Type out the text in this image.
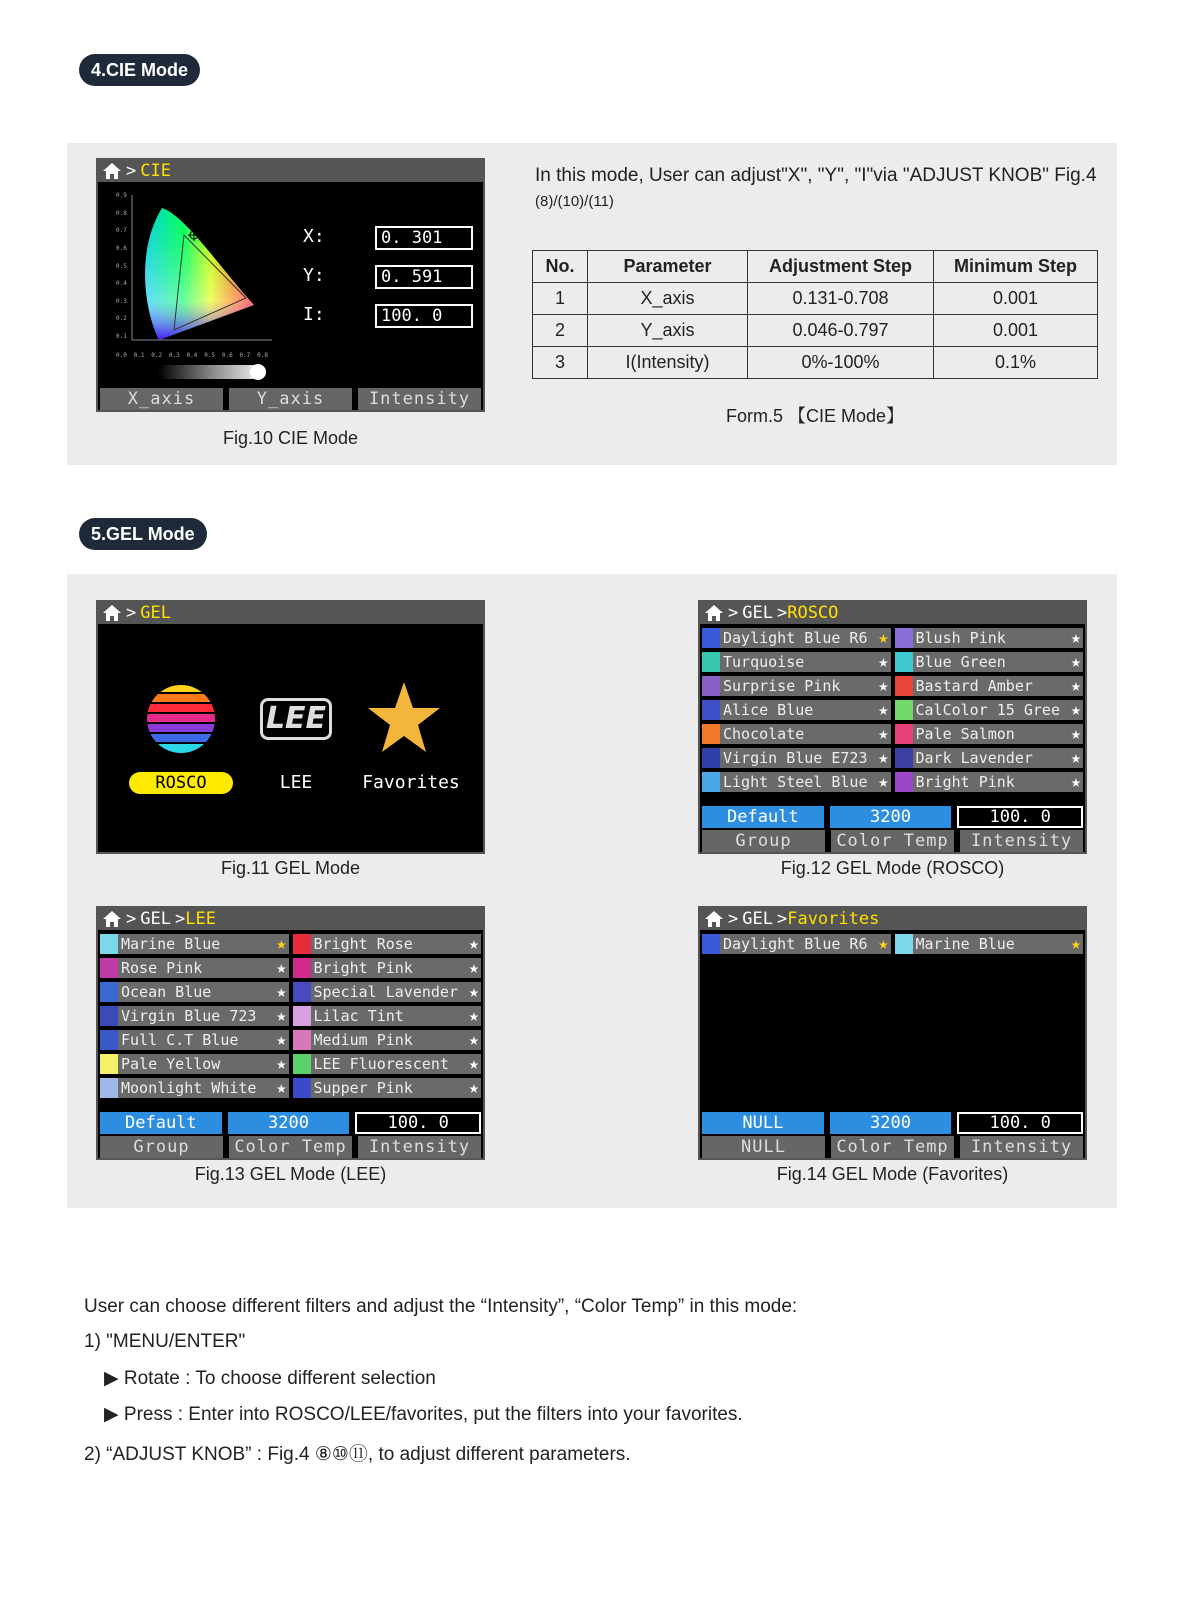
4.CIE Mode
5.GEL Mode
> CIE
0.9
0.8
0.7
0.6
0.5
0.4
0.3
0.2
0.1
0.0 0.1 0.2 0.3 0.4 0.5 0.6 0.7 0.8
X:	0. 301
Y:	0. 591
I:	100. 0
X_axis	Y_axis	Intensity
Fig.10 CIE Mode
In this mode, User can adjust"X", "Y", "I"via "ADJUST KNOB" Fig.4
(8)/(10)/(11)
No.	Parameter	Adjustment Step	Minimum Step
1	X_axis	0.131-0.708	0.001
2	Y_axis	0.046-0.797	0.001
3	I(Intensity)	0%-100%	0.1%
Form.5 【CIE Mode】
> GEL
ROSCO
LEE
LEE	Favorites
Fig.11 GEL Mode
> GEL > ROSCO
Daylight Blue R6 ★ Blush Pink	★
Turquoise	★ Blue Green	★
Surprise Pink ★ Bastard Amber ★
Alice Blue	★ CalColor 15 Gree ★
Chocolate	★ Pale Salmon	★
Virgin Blue E723 ★ Dark Lavender ★
Light Steel Blue ★ Bright Pink	★
Default	3200	100. 0
Group	Color Temp	Intensity
Fig.12 GEL Mode (ROSCO)
> GEL > LEE
Marine Blue	★ Bright Rose	★
Rose Pink	★ Bright Pink	★
Ocean Blue	★ Special Lavender ★
Virgin Blue 723 ★ Lilac Tint	★
Full C.T Blue ★ Medium Pink	★
Pale Yellow	★ LEE Fluorescent ★
Moonlight White ★ Supper Pink	★
Default	3200	100. 0
Group	Color Temp	Intensity
Fig.13 GEL Mode (LEE)
> GEL > Favorites
Daylight Blue R6 ★ Marine Blue	★
NULL	3200	100. 0
NULL	Color Temp	Intensity
Fig.14 GEL Mode (Favorites)
User can choose different filters and adjust the “Intensity”, “Color Temp” in this mode:
1) "MENU/ENTER"
▶ Rotate : To choose different selection
▶ Press : Enter into ROSCO/LEE/favorites, put the filters into your favorites.
2) “ADJUST KNOB” : Fig.4 ⑧⑩⑪, to adjust different parameters.
